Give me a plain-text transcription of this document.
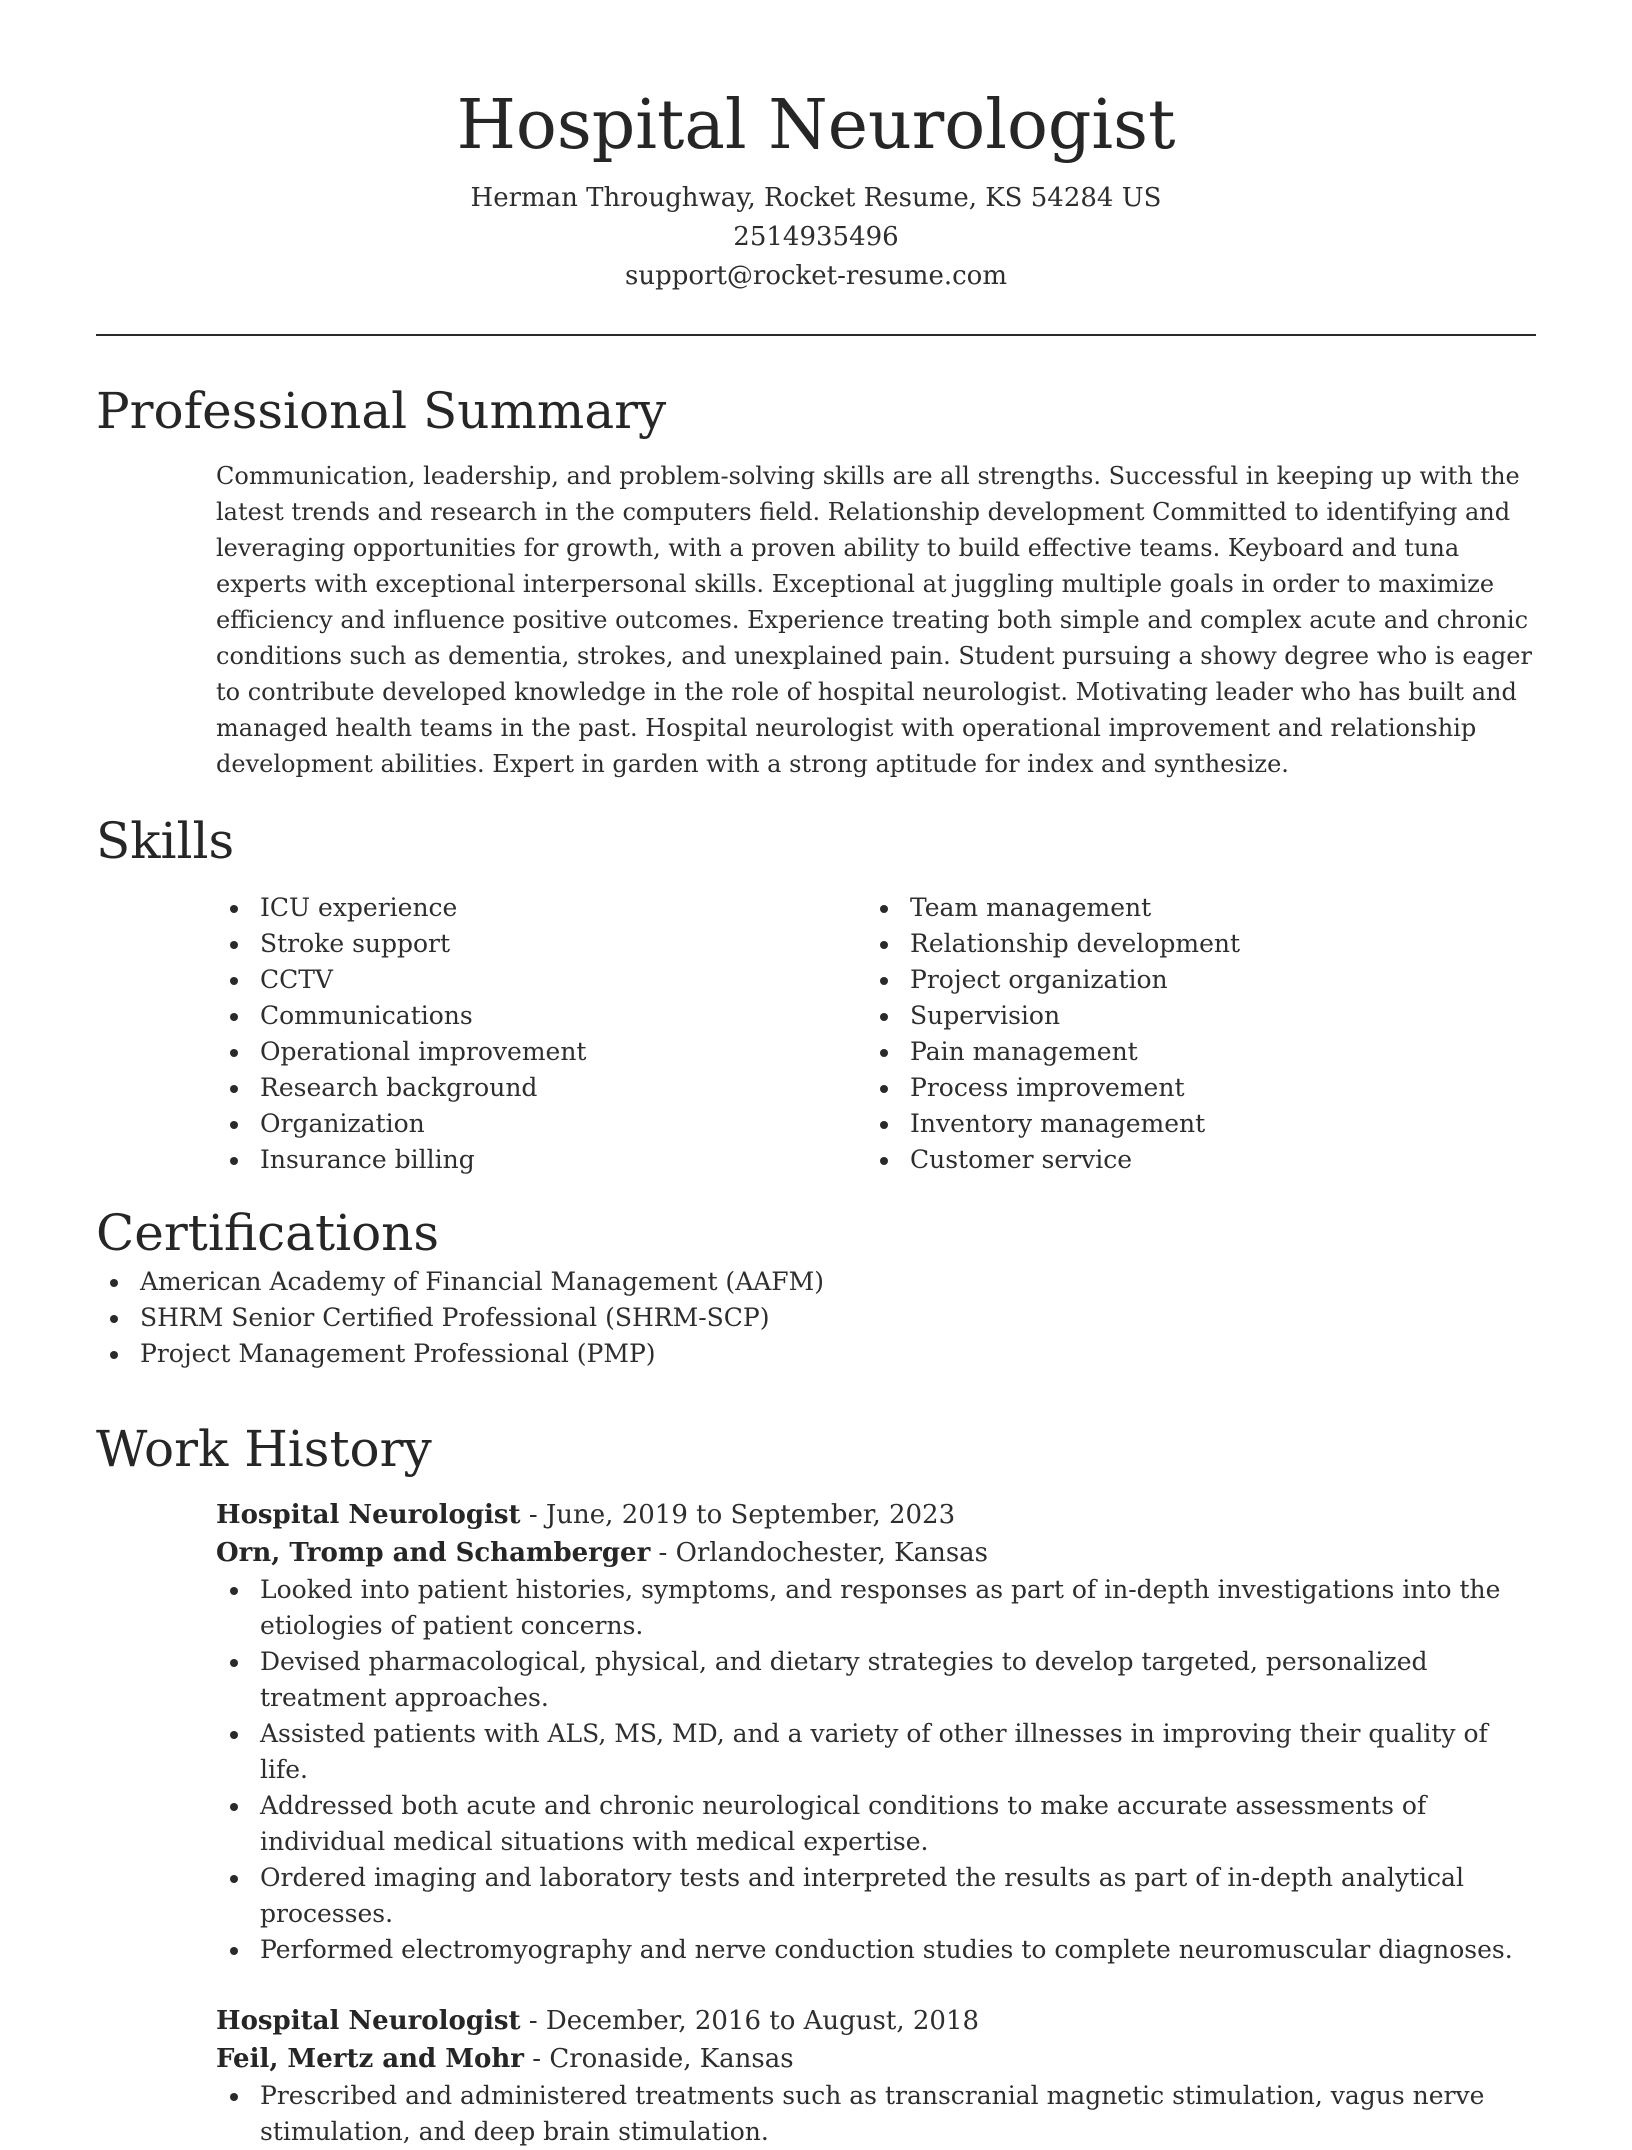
Hospital Neurologist

Herman Throughway, Rocket Resume, KS 54284 US

2514935496

support@rocket-resume.com

Professional Summary

Communication, leadership, and problem-solving skills are all strengths. Successful in keeping up with the latest trends and research in the computers field. Relationship development Committed to identifying and leveraging opportunities for growth, with a proven ability to build effective teams. Keyboard and tuna experts with exceptional interpersonal skills. Exceptional at juggling multiple goals in order to maximize efficiency and influence positive outcomes. Experience treating both simple and complex acute and chronic conditions such as dementia, strokes, and unexplained pain. Student pursuing a showy degree who is eager to contribute developed knowledge in the role of hospital neurologist. Motivating leader who has built and managed health teams in the past. Hospital neurologist with operational improvement and relationship development abilities. Expert in garden with a strong aptitude for index and synthesize.

Skills
ICU experience
Stroke support
CCTV
Communications
Operational improvement
Research background
Organization
Insurance billing
Team management
Relationship development
Project organization
Supervision
Pain management
Process improvement
Inventory management
Customer service
Certifications
American Academy of Financial Management (AAFM)
SHRM Senior Certified Professional (SHRM-SCP)
Project Management Professional (PMP)
Work History
Hospital Neurologist - June, 2019 to September, 2023
Orn, Tromp and Schamberger - Orlandochester, Kansas
Looked into patient histories, symptoms, and responses as part of in-depth investigations into the etiologies of patient concerns.
Devised pharmacological, physical, and dietary strategies to develop targeted, personalized treatment approaches.
Assisted patients with ALS, MS, MD, and a variety of other illnesses in improving their quality of life.
Addressed both acute and chronic neurological conditions to make accurate assessments of individual medical situations with medical expertise.
Ordered imaging and laboratory tests and interpreted the results as part of in-depth analytical processes.
Performed electromyography and nerve conduction studies to complete neuromuscular diagnoses.
Hospital Neurologist - December, 2016 to August, 2018
Feil, Mertz and Mohr - Cronaside, Kansas
Prescribed and administered treatments such as transcranial magnetic stimulation, vagus nerve stimulation, and deep brain stimulation.
